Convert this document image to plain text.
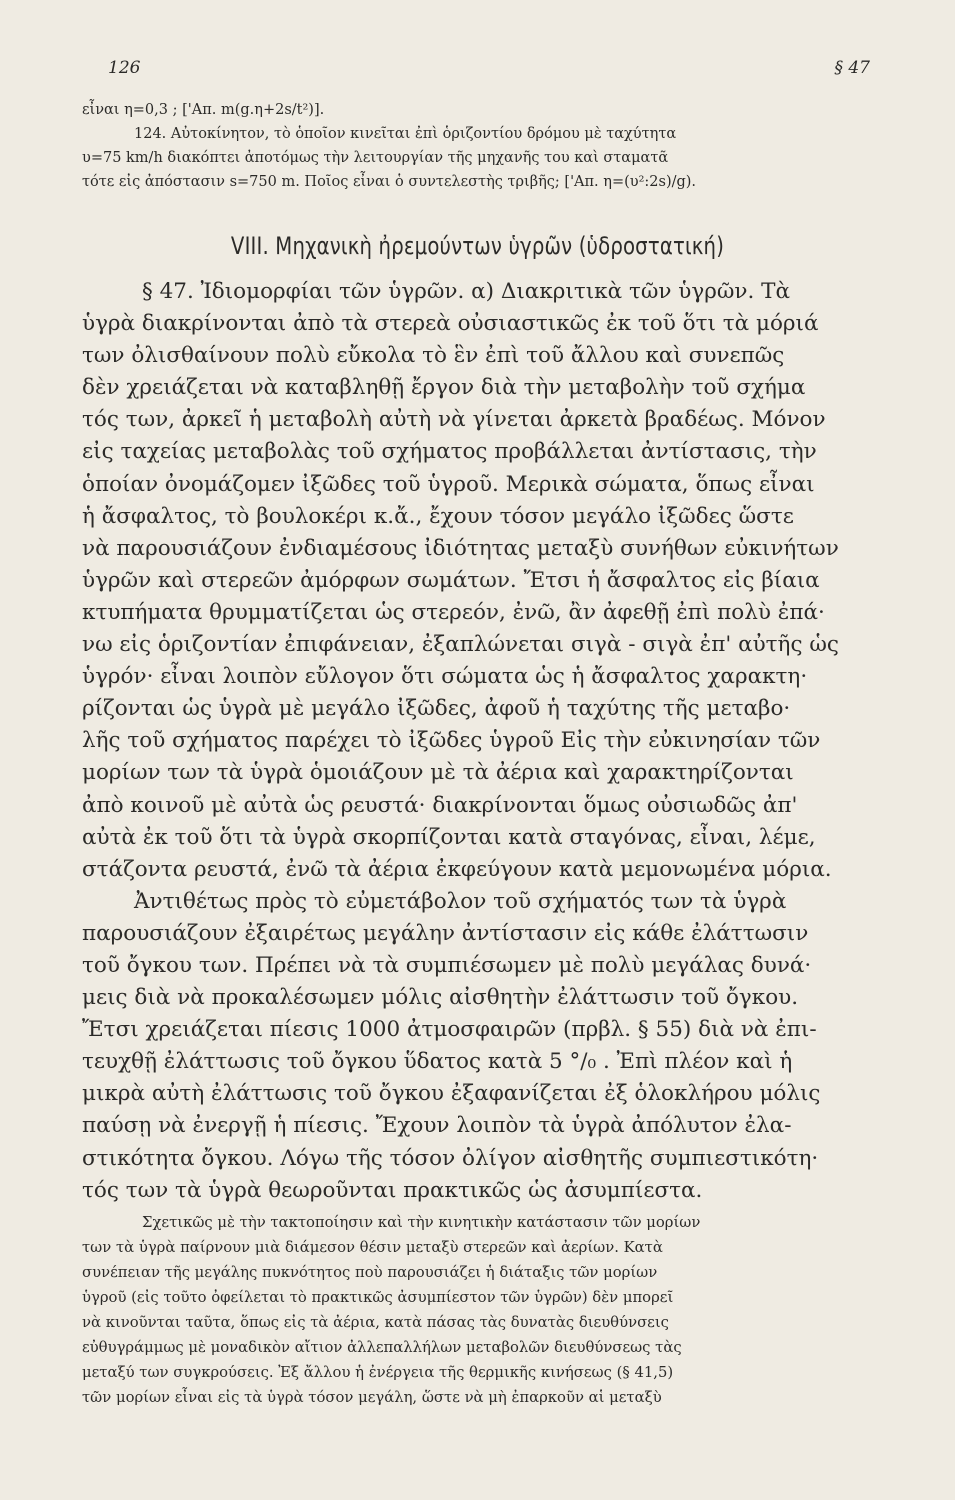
126	§ 47
εἶναι η=0,3 ; ['Απ. m(g.η+2s/t²)].
124. Αὐτοκίνητον, τὸ ὁποῖον κινεῖται ἐπὶ ὁριζοντίου δρόμου μὲ ταχύτητα
υ=75 km/h διακόπτει ἀποτόμως τὴν λειτουργίαν τῆς μηχανῆς του καὶ σταματᾶ
τότε εἰς ἀπόστασιν s=750 m. Ποῖος εἶναι ὁ συντελεστὴς τριβῆς; ['Απ. η=(υ²:2s)/g).
VIII. Μηχανικὴ ἠρεμούντων ὑγρῶν (ὑδροστατική)
§ 47. Ἰδιομορφίαι τῶν ὑγρῶν. α) Διακριτικὰ τῶν ὑγρῶν. Τὰ
ὑγρὰ διακρίνονται ἀπὸ τὰ στερεὰ οὐσιαστικῶς ἐκ τοῦ ὅτι τὰ μόριά
των ὀλισθαίνουν πολὺ εὔκολα τὸ ἓν ἐπὶ τοῦ ἄλλου καὶ συνεπῶς
δὲν χρειάζεται νὰ καταβληθῇ ἔργον διὰ τὴν μεταβολὴν τοῦ σχήμα
τός των, ἀρκεῖ ἡ μεταβολὴ αὐτὴ νὰ γίνεται ἀρκετὰ βραδέως. Μόνον
εἰς ταχείας μεταβολὰς τοῦ σχήματος προβάλλεται ἀντίστασις, τὴν
ὁποίαν ὀνομάζομεν ἰξῶδες τοῦ ὑγροῦ. Μερικὰ σώματα, ὅπως εἶναι
ἡ ἄσφαλτος, τὸ βουλοκέρι κ.ἄ., ἔχουν τόσον μεγάλο ἰξῶδες ὥστε
νὰ παρουσιάζουν ἐνδιαμέσους ἰδιότητας μεταξὺ συνήθων εὐκινήτων
ὑγρῶν καὶ στερεῶν ἀμόρφων σωμάτων. Ἔτσι ἡ ἄσφαλτος εἰς βίαια
κτυπήματα θρυμματίζεται ὡς στερεόν, ἐνῶ, ἂν ἀφεθῇ ἐπὶ πολὺ ἐπά·
νω εἰς ὁριζοντίαν ἐπιφάνειαν, ἐξαπλώνεται σιγὰ - σιγὰ ἐπ' αὐτῆς ὡς
ὑγρόν· εἶναι λοιπὸν εὔλογον ὅτι σώματα ὡς ἡ ἄσφαλτος χαρακτη·
ρίζονται ὡς ὑγρὰ μὲ μεγάλο ἰξῶδες, ἀφοῦ ἡ ταχύτης τῆς μεταβο·
λῆς τοῦ σχήματος παρέχει τὸ ἰξῶδες ὑγροῦ Εἰς τὴν εὐκινησίαν τῶν
μορίων των τὰ ὑγρὰ ὁμοιάζουν μὲ τὰ ἀέρια καὶ χαρακτηρίζονται
ἀπὸ κοινοῦ μὲ αὐτὰ ὡς ρευστά· διακρίνονται ὅμως οὐσιωδῶς ἀπ'
αὐτὰ ἐκ τοῦ ὅτι τὰ ὑγρὰ σκορπίζονται κατὰ σταγόνας, εἶναι, λέμε,
στάζοντα ρευστά, ἐνῶ τὰ ἀέρια ἐκφεύγουν κατὰ μεμονωμένα μόρια.
Ἀντιθέτως πρὸς τὸ εὐμετάβολον τοῦ σχήματός των τὰ ὑγρὰ
παρουσιάζουν ἐξαιρέτως μεγάλην ἀντίστασιν εἰς κάθε ἐλάττωσιν
τοῦ ὄγκου των. Πρέπει νὰ τὰ συμπιέσωμεν μὲ πολὺ μεγάλας δυνά·
μεις διὰ νὰ προκαλέσωμεν μόλις αἰσθητὴν ἐλάττωσιν τοῦ ὄγκου.
Ἔτσι χρειάζεται πίεσις 1000 ἀτμοσφαιρῶν (πρβλ. § 55) διὰ νὰ ἐπι-
τευχθῇ ἐλάττωσις τοῦ ὄγκου ὕδατος κατὰ 5 °/₀ . Ἐπὶ πλέον καὶ ἡ
μικρὰ αὐτὴ ἐλάττωσις τοῦ ὄγκου ἐξαφανίζεται ἐξ ὁλοκλήρου μόλις
παύσῃ νὰ ἐνεργῇ ἡ πίεσις. Ἔχουν λοιπὸν τὰ ὑγρὰ ἀπόλυτον ἐλα-
στικότητα ὄγκου. Λόγω τῆς τόσον ὀλίγον αἰσθητῆς συμπιεστικότη·
τός των τὰ ὑγρὰ θεωροῦνται πρακτικῶς ὡς ἀσυμπίεστα.
Σχετικῶς μὲ τὴν τακτοποίησιν καὶ τὴν κινητικὴν κατάστασιν τῶν μορίων
των τὰ ὑγρὰ παίρνουν μιὰ διάμεσον θέσιν μεταξὺ στερεῶν καὶ ἀερίων. Κατὰ
συνέπειαν τῆς μεγάλης πυκνότητος ποὺ παρουσιάζει ἡ διάταξις τῶν μορίων
ὑγροῦ (εἰς τοῦτο ὀφείλεται τὸ πρακτικῶς ἀσυμπίεστον τῶν ὑγρῶν) δὲν μπορεῖ
νὰ κινοῦνται ταῦτα, ὅπως εἰς τὰ ἀέρια, κατὰ πάσας τὰς δυνατὰς διευθύνσεις
εὐθυγράμμως μὲ μοναδικὸν αἴτιον ἀλλεπαλλήλων μεταβολῶν διευθύνσεως τὰς
μεταξύ των συγκρούσεις. Ἐξ ἄλλου ἡ ἐνέργεια τῆς θερμικῆς κινήσεως (§ 41,5)
τῶν μορίων εἶναι εἰς τὰ ὑγρὰ τόσον μεγάλη, ὥστε νὰ μὴ ἐπαρκοῦν αἱ μεταξὺ
